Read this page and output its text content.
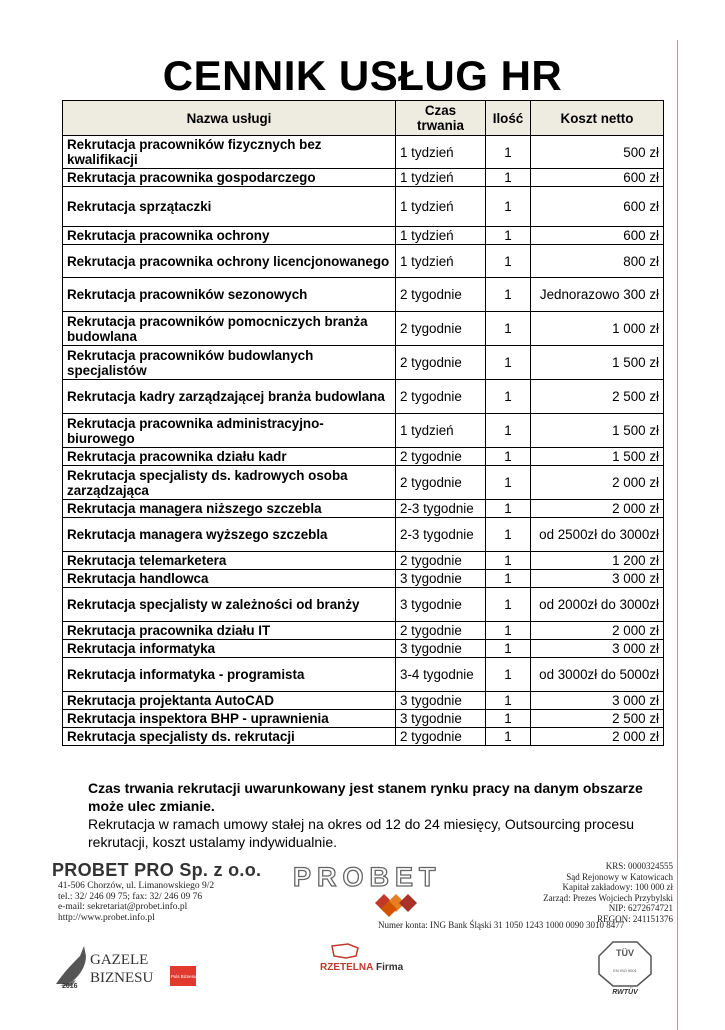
CENNIK USŁUG HR
Nazwa usługi	Czas trwania	Ilość	Koszt netto
Rekrutacja pracowników fizycznych bez kwalifikacji	1 tydzień	1	500 zł
Rekrutacja pracownika gospodarczego	1 tydzień	1	600 zł
Rekrutacja sprzątaczki	1 tydzień	1	600 zł
Rekrutacja pracownika ochrony	1 tydzień	1	600 zł
Rekrutacja pracownika ochrony licencjonowanego	1 tydzień	1	800 zł
Rekrutacja pracowników sezonowych	2 tygodnie	1	Jednorazowo 300 zł
Rekrutacja pracowników pomocniczych branża budowlana	2 tygodnie	1	1 000 zł
Rekrutacja pracowników budowlanych specjalistów	2 tygodnie	1	1 500 zł
Rekrutacja kadry zarządzającej branża budowlana	2 tygodnie	1	2 500 zł
Rekrutacja pracownika administracyjno-biurowego	1 tydzień	1	1 500 zł
Rekrutacja pracownika działu kadr	2 tygodnie	1	1 500 zł
Rekrutacja specjalisty ds. kadrowych osoba zarządzająca	2 tygodnie	1	2 000 zł
Rekrutacja managera niższego szczebla	2-3 tygodnie	1	2 000 zł
Rekrutacja managera wyższego szczebla	2-3 tygodnie	1	od 2500zł do 3000zł
Rekrutacja telemarketera	2 tygodnie	1	1 200 zł
Rekrutacja handlowca	3 tygodnie	1	3 000 zł
Rekrutacja specjalisty w zależności od branży	3 tygodnie	1	od 2000zł do 3000zł
Rekrutacja pracownika działu IT	2 tygodnie	1	2 000 zł
Rekrutacja informatyka	3 tygodnie	1	3 000 zł
Rekrutacja informatyka - programista	3-4 tygodnie	1	od 3000zł do 5000zł
Rekrutacja projektanta AutoCAD	3 tygodnie	1	3 000 zł
Rekrutacja inspektora BHP - uprawnienia	3 tygodnie	1	2 500 zł
Rekrutacja specjalisty ds. rekrutacji	2 tygodnie	1	2 000 zł
Czas trwania rekrutacji uwarunkowany jest stanem rynku pracy na danym obszarze może ulec zmianie.
Rekrutacja w ramach umowy stałej na okres od 12 do 24 miesięcy, Outsourcing procesu rekrutacji, koszt ustalamy indywidualnie.
PROBET PRO Sp. z o.o.
41-506 Chorzów, ul. Limanowskiego 9/2
tel.: 32/ 246 09 75; fax: 32/ 246 09 76
e-mail: sekretariat@probet.info.pl
http://www.probet.info.pl
PROBET	KRS: 0000324555
Sąd Rejonowy w Katowicach
Kapitał zakładowy: 100 000 zł
Zarząd: Prezes Wojciech Przybylski
NIP: 6272674721
REGON: 241151376
Numer konta: ING Bank Śląski 31 1050 1243 1000 0090 3010 8477
GAZELE
BIZNESU
2016
Puls Biznesu
RZETELNA Firma
TÜV
EN ISO 9001
RWTÜV
